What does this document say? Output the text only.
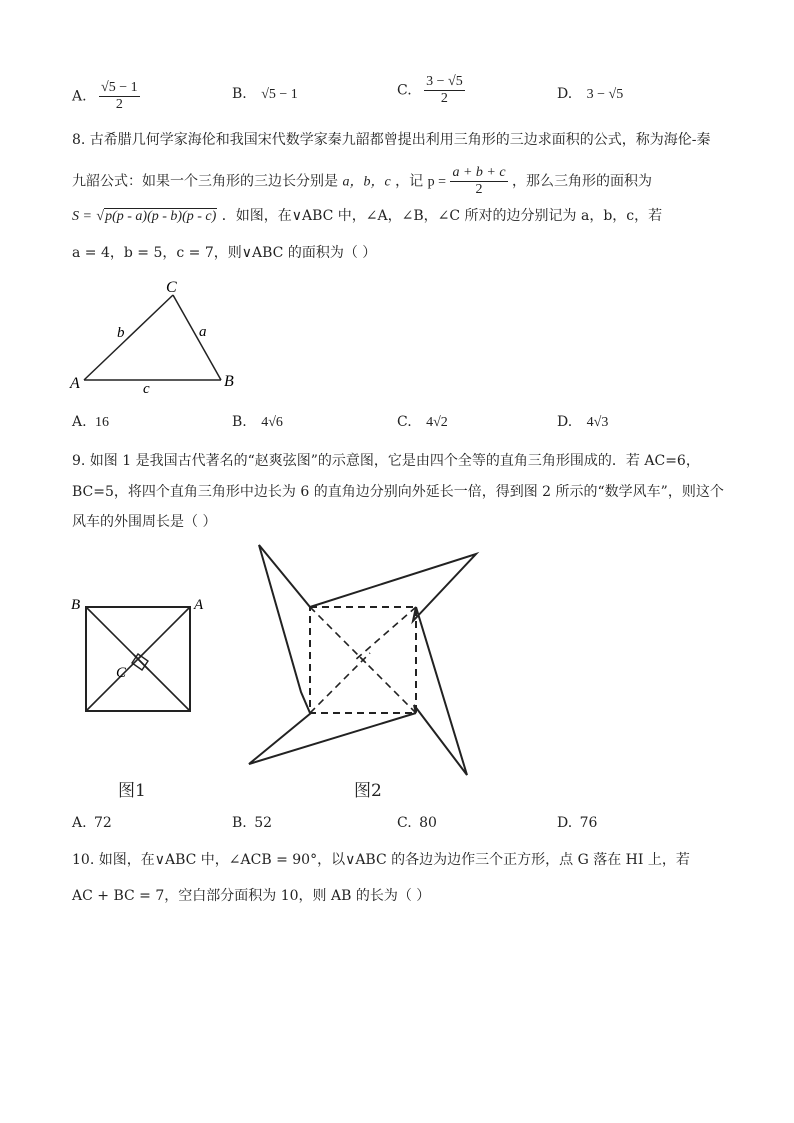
A. $\frac{√5 - 1}{2}$	B. √5 − 1	C. $\frac{3 - √5}{2}$	D. 3 − √5
8. 古希腊几何学家海伦和我国宋代数学家秦九韶都曾提出利用三角形的三边求面积的公式，称为海伦-秦
九韶公式：如果一个三角形的三边长分别是 a，b，c ，记 $p = \frac{a + b + c}{2}$ ，那么三角形的面积为
S = √p(p - a)(p - b)(p - c) ．如图，在∨ABC 中，∠A，∠B，∠C 所对的边分别记为 a，b，c，若
a = 4，b = 5，c = 7，则∨ABC 的面积为（ ）
C
A	B
b	a
c
A. 16	B. 4√6	C. 4√2	D. 4√3
9. 如图 1 是我国古代著名的“赵爽弦图”的示意图，它是由四个全等的直角三角形围成的．若 AC=6，
BC=5，将四个直角三角形中边长为 6 的直角边分别向外延长一倍，得到图 2 所示的“数学风车”，则这个
风车的外围周长是（ ）
B	A
C
图1	图2
A. 72	B. 52	C. 80	D. 76
10. 如图，在∨ABC 中，∠ACB = 90°，以∨ABC 的各边为边作三个正方形，点 G 落在 HI 上，若
AC + BC = 7，空白部分面积为 10，则 AB 的长为（ ）
